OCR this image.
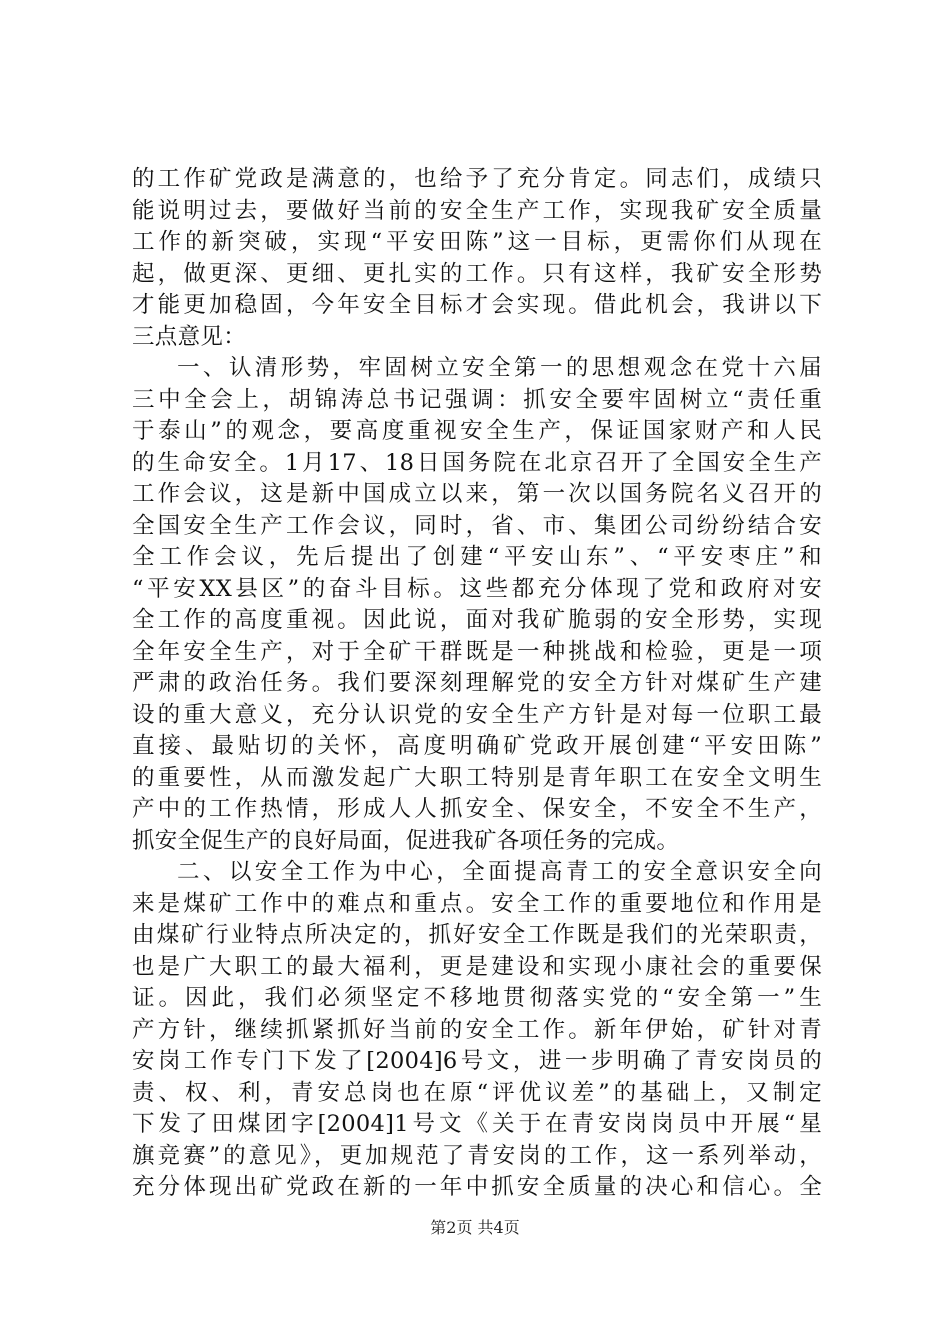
的工作矿党政是满意的，也给予了充分肯定。同志们，成绩只
能说明过去，要做好当前的安全生产工作，实现我矿安全质量
工作的新突破，实现“平安田陈”这一目标，更需你们从现在
起，做更深、更细、更扎实的工作。只有这样，我矿安全形势
才能更加稳固，今年安全目标才会实现。借此机会，我讲以下
三点意见：
一、认清形势，牢固树立安全第一的思想观念在党十六届
三中全会上，胡锦涛总书记强调：抓安全要牢固树立“责任重
于泰山”的观念，要高度重视安全生产，保证国家财产和人民
的生命安全。1月17、18日国务院在北京召开了全国安全生产
工作会议，这是新中国成立以来，第一次以国务院名义召开的
全国安全生产工作会议，同时，省、市、集团公司纷纷结合安
全工作会议，先后提出了创建“平安山东”、“平安枣庄”和
“平安XX县区”的奋斗目标。这些都充分体现了党和政府对安
全工作的高度重视。因此说，面对我矿脆弱的安全形势，实现
全年安全生产，对于全矿干群既是一种挑战和检验，更是一项
严肃的政治任务。我们要深刻理解党的安全方针对煤矿生产建
设的重大意义，充分认识党的安全生产方针是对每一位职工最
直接、最贴切的关怀，高度明确矿党政开展创建“平安田陈”
的重要性，从而激发起广大职工特别是青年职工在安全文明生
产中的工作热情，形成人人抓安全、保安全，不安全不生产，
抓安全促生产的良好局面，促进我矿各项任务的完成。
二、以安全工作为中心，全面提高青工的安全意识安全向
来是煤矿工作中的难点和重点。安全工作的重要地位和作用是
由煤矿行业特点所决定的，抓好安全工作既是我们的光荣职责，
也是广大职工的最大福利，更是建设和实现小康社会的重要保
证。因此，我们必须坚定不移地贯彻落实党的“安全第一”生
产方针，继续抓紧抓好当前的安全工作。新年伊始，矿针对青
安岗工作专门下发了[2004]6号文，进一步明确了青安岗员的
责、权、利，青安总岗也在原“评优议差”的基础上，又制定
下发了田煤团字[2004]1号文《关于在青安岗岗员中开展“星
旗竞赛”的意见》，更加规范了青安岗的工作，这一系列举动，
充分体现出矿党政在新的一年中抓安全质量的决心和信心。全
第2页 共4页
